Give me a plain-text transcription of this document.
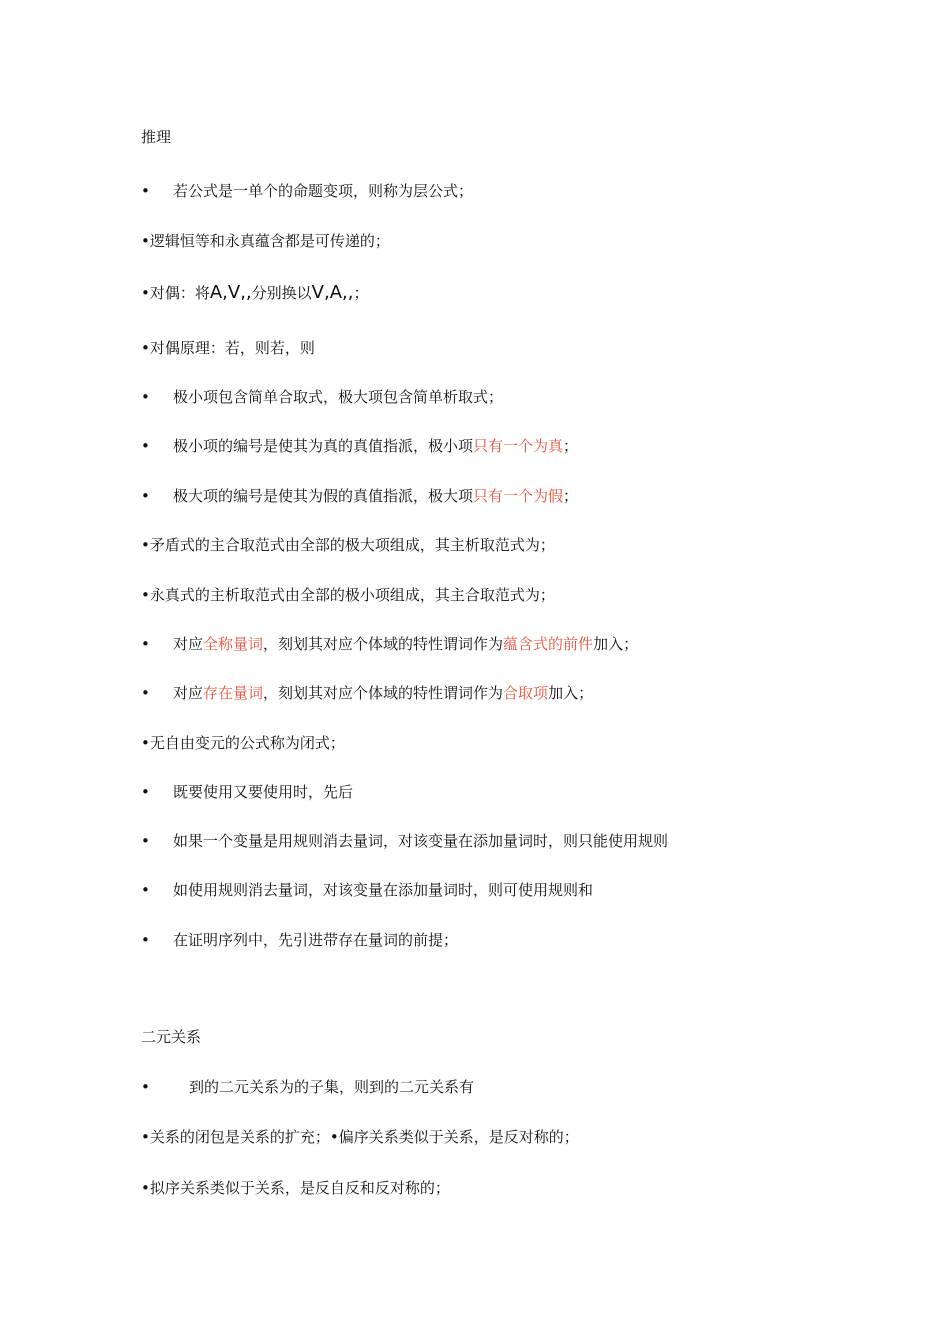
推理
• 若公式是一单个的命题变项，则称为层公式；
•逻辑恒等和永真蕴含都是可传递的；
•对偶：将A,V,,分别换以V,A,,；
•对偶原理：若，则若，则
• 极小项包含简单合取式，极大项包含简单析取式；
• 极小项的编号是使其为真的真值指派，极小项只有一个为真；
• 极大项的编号是使其为假的真值指派，极大项只有一个为假；
•矛盾式的主合取范式由全部的极大项组成，其主析取范式为；
•永真式的主析取范式由全部的极小项组成，其主合取范式为；
• 对应全称量词，刻划其对应个体域的特性谓词作为蕴含式的前件加入；
• 对应存在量词，刻划其对应个体域的特性谓词作为合取项加入；
•无自由变元的公式称为闭式；
• 既要使用又要使用时，先后
• 如果一个变量是用规则消去量词，对该变量在添加量词时，则只能使用规则
• 如使用规则消去量词，对该变量在添加量词时，则可使用规则和
• 在证明序列中，先引进带存在量词的前提；
二元关系
•	到的二元关系为的子集，则到的二元关系有
•关系的闭包是关系的扩充；•偏序关系类似于关系，是反对称的；
•拟序关系类似于关系，是反自反和反对称的；
